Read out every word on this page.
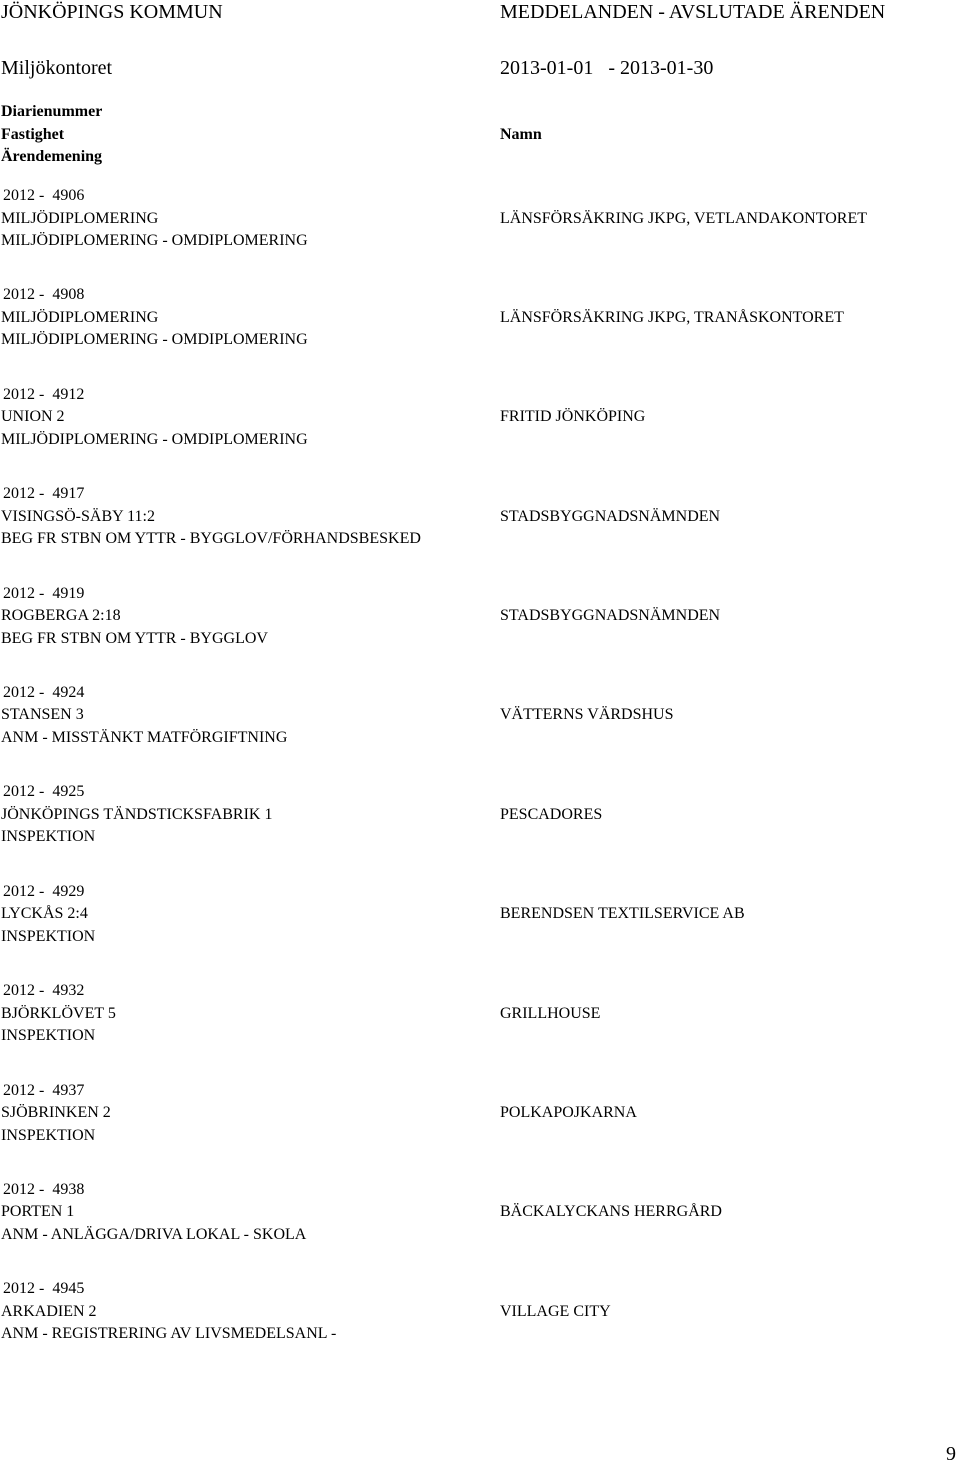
JÖNKÖPINGS KOMMUN	MEDDELANDEN - AVSLUTADE ÄRENDEN
Miljökontoret	2013-01-01 - 2013-01-30
Diarienummer
Fastighet
Ärendemening
Namn
2012 - 4906
MILJÖDIPLOMERING
MILJÖDIPLOMERING - OMDIPLOMERING
LÄNSFÖRSÄKRING JKPG, VETLANDAKONTORET
2012 - 4908
MILJÖDIPLOMERING
MILJÖDIPLOMERING - OMDIPLOMERING
LÄNSFÖRSÄKRING JKPG, TRANÅSKONTORET
2012 - 4912
UNION 2
MILJÖDIPLOMERING - OMDIPLOMERING
FRITID JÖNKÖPING
2012 - 4917
VISINGSÖ-SÄBY 11:2
BEG FR STBN OM YTTR - BYGGLOV/FÖRHANDSBESKED
STADSBYGGNADSNÄMNDEN
2012 - 4919
ROGBERGA 2:18
BEG FR STBN OM YTTR - BYGGLOV
STADSBYGGNADSNÄMNDEN
2012 - 4924
STANSEN 3
ANM - MISSTÄNKT MATFÖRGIFTNING
VÄTTERNS VÄRDSHUS
2012 - 4925
JÖNKÖPINGS TÄNDSTICKSFABRIK 1
INSPEKTION
PESCADORES
2012 - 4929
LYCKÅS 2:4
INSPEKTION
BERENDSEN TEXTILSERVICE AB
2012 - 4932
BJÖRKLÖVET 5
INSPEKTION
GRILLHOUSE
2012 - 4937
SJÖBRINKEN 2
INSPEKTION
POLKAPOJKARNA
2012 - 4938
PORTEN 1
ANM - ANLÄGGA/DRIVA LOKAL - SKOLA
BÄCKALYCKANS HERRGÅRD
2012 - 4945
ARKADIEN 2
ANM - REGISTRERING AV LIVSMEDELSANL -
VILLAGE CITY
9
